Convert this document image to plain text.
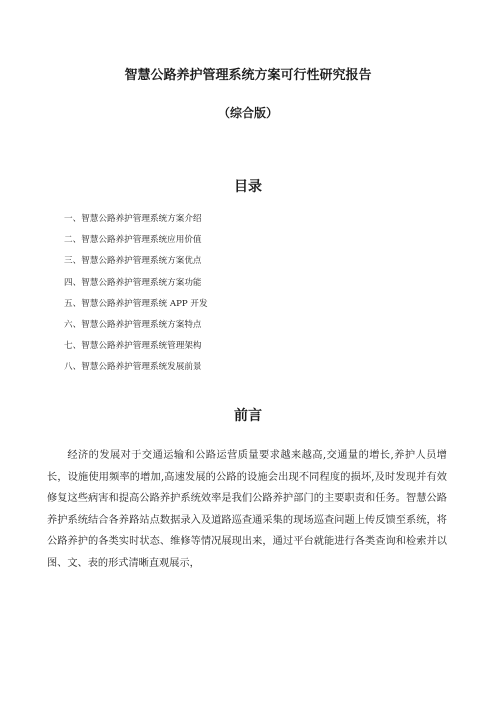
智慧公路养护管理系统方案可行性研究报告
（综合版）
目录
一、智慧公路养护管理系统方案介绍
二、智慧公路养护管理系统应用价值
三、智慧公路养护管理系统方案优点
四、智慧公路养护管理系统方案功能
五、智慧公路养护管理系统 APP 开发
六、智慧公路养护管理系统方案特点
七、智慧公路养护管理系统管理架构
八、智慧公路养护管理系统发展前景
前言

经济的发展对于交通运输和公路运营质量要求越来越高,交通量的增长,养护人员增长，设施使用频率的增加,高速发展的公路的设施会出现不同程度的损坏,及时发现并有效修复这些病害和提高公路养护系统效率是我们公路养护部门的主要职责和任务。智慧公路养护系统结合各养路站点数据录入及道路巡查通采集的现场巡查问题上传反馈至系统，将公路养护的各类实时状态、维修等情况展现出来，通过平台就能进行各类查询和检索并以图、文、表的形式清晰直观展示，
